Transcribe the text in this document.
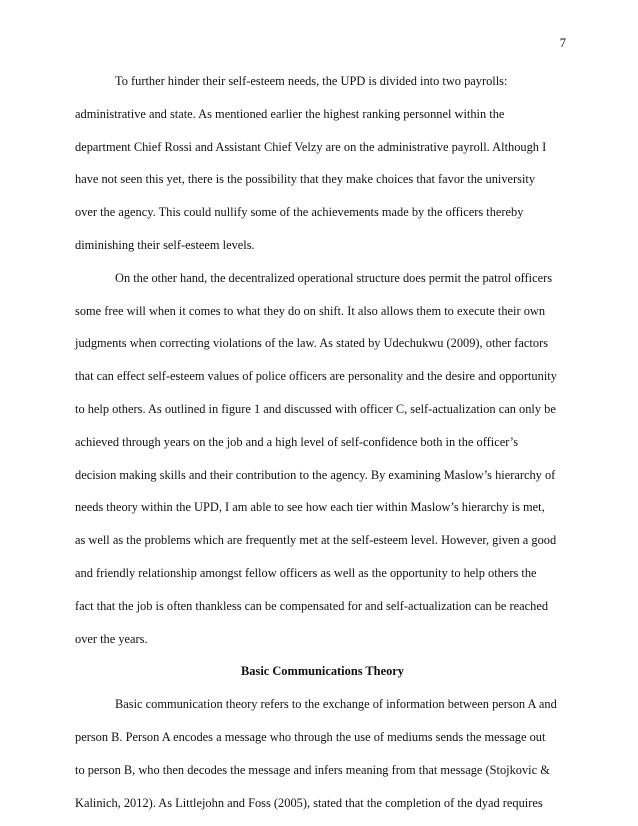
7

To further hinder their self-esteem needs, the UPD is divided into two payrolls:
administrative and state. As mentioned earlier the highest ranking personnel within the
department Chief Rossi and Assistant Chief Velzy are on the administrative payroll. Although I
have not seen this yet, there is the possibility that they make choices that favor the university
over the agency. This could nullify some of the achievements made by the officers thereby
diminishing their self-esteem levels.

On the other hand, the decentralized operational structure does permit the patrol officers
some free will when it comes to what they do on shift. It also allows them to execute their own
judgments when correcting violations of the law. As stated by Udechukwu (2009), other factors
that can effect self-esteem values of police officers are personality and the desire and opportunity
to help others. As outlined in figure 1 and discussed with officer C, self-actualization can only be
achieved through years on the job and a high level of self-confidence both in the officer’s
decision making skills and their contribution to the agency. By examining Maslow’s hierarchy of
needs theory within the UPD, I am able to see how each tier within Maslow’s hierarchy is met,
as well as the problems which are frequently met at the self-esteem level. However, given a good
and friendly relationship amongst fellow officers as well as the opportunity to help others the
fact that the job is often thankless can be compensated for and self-actualization can be reached
over the years.

Basic Communications Theory

Basic communication theory refers to the exchange of information between person A and
person B. Person A encodes a message who through the use of mediums sends the message out
to person B, who then decodes the message and infers meaning from that message (Stojkovic &
Kalinich, 2012). As Littlejohn and Foss (2005), stated that the completion of the dyad requires
